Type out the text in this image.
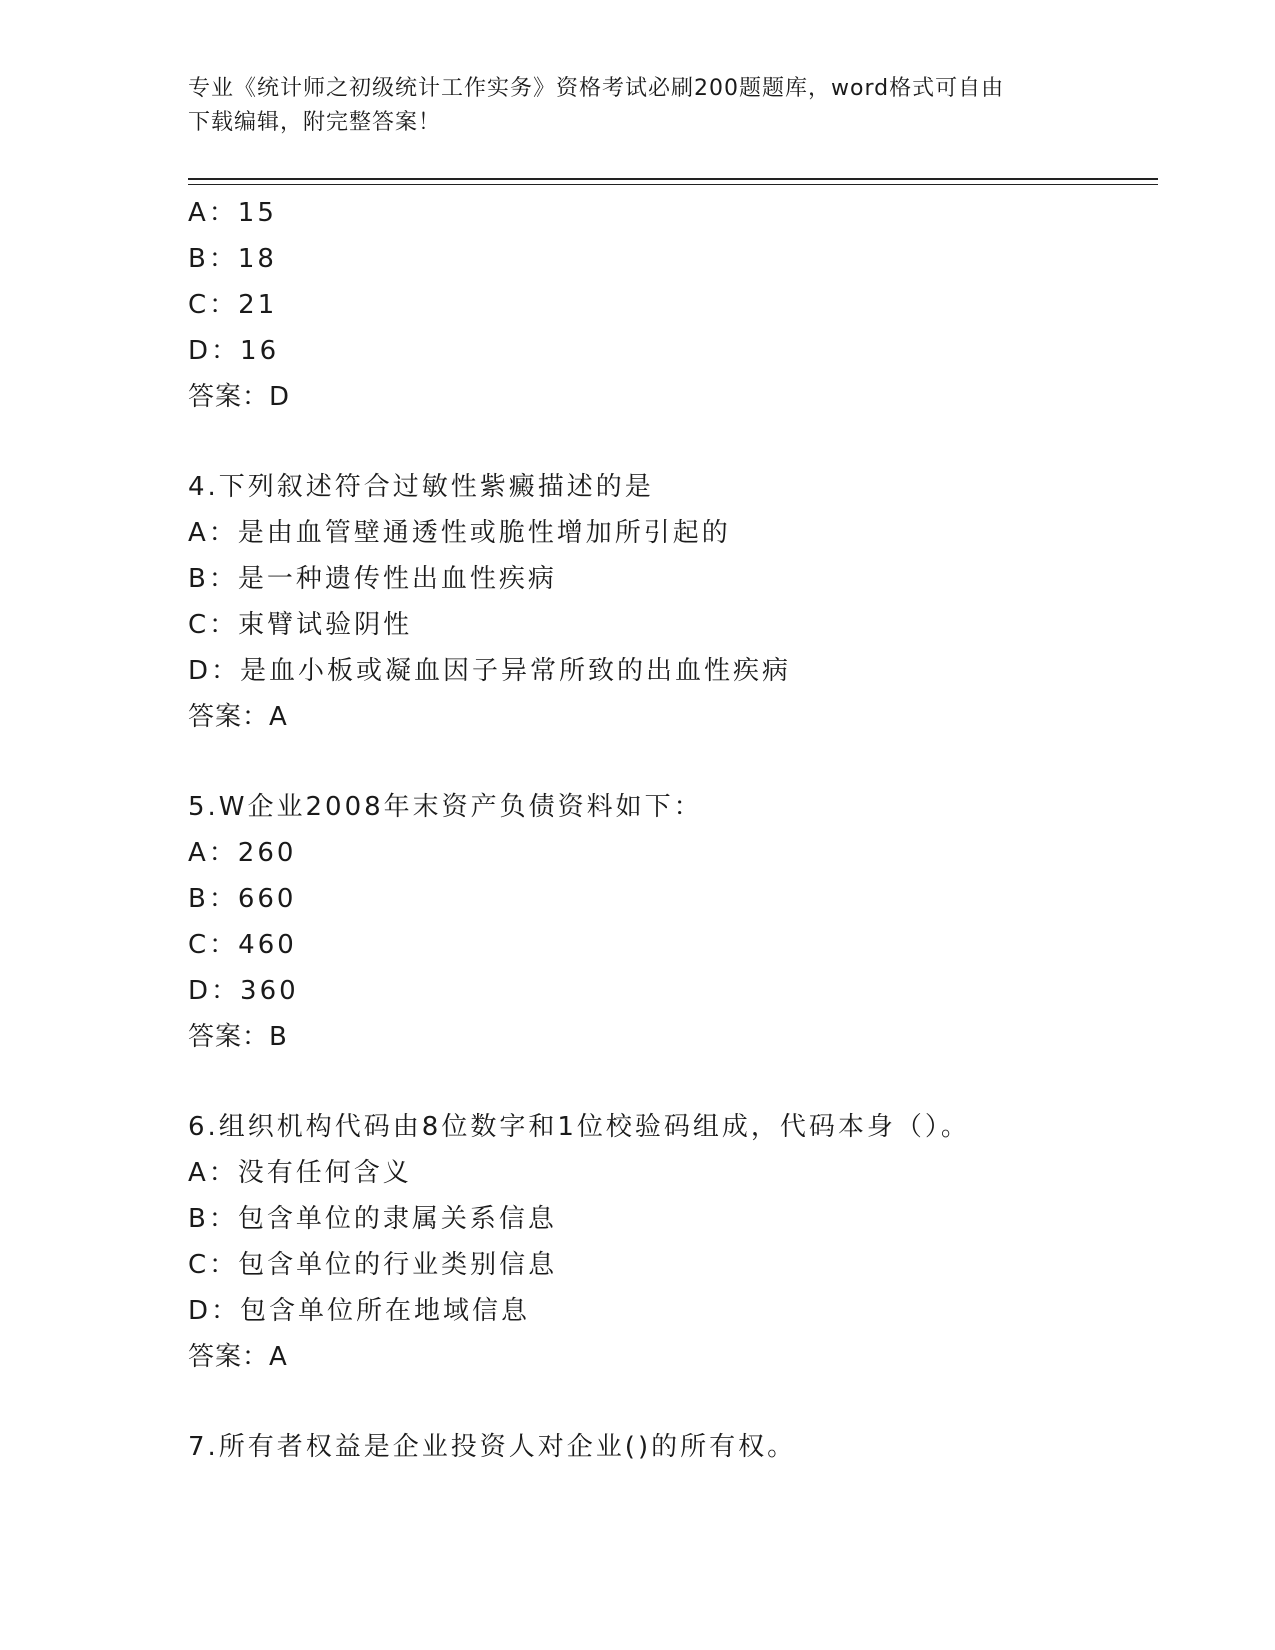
专业《统计师之初级统计工作实务》资格考试必刷200题题库，word格式可自由
下载编辑，附完整答案！
A：15
B：18
C：21
D：16
答案：D
4.下列叙述符合过敏性紫癜描述的是
A：是由血管壁通透性或脆性增加所引起的
B：是一种遗传性出血性疾病
C：束臂试验阴性
D：是血小板或凝血因子异常所致的出血性疾病
答案：A
5.W企业2008年末资产负债资料如下：
A：260
B：660
C：460
D：360
答案：B
6.组织机构代码由8位数字和1位校验码组成，代码本身（）。
A：没有任何含义
B：包含单位的隶属关系信息
C：包含单位的行业类别信息
D：包含单位所在地域信息
答案：A
7.所有者权益是企业投资人对企业()的所有权。
